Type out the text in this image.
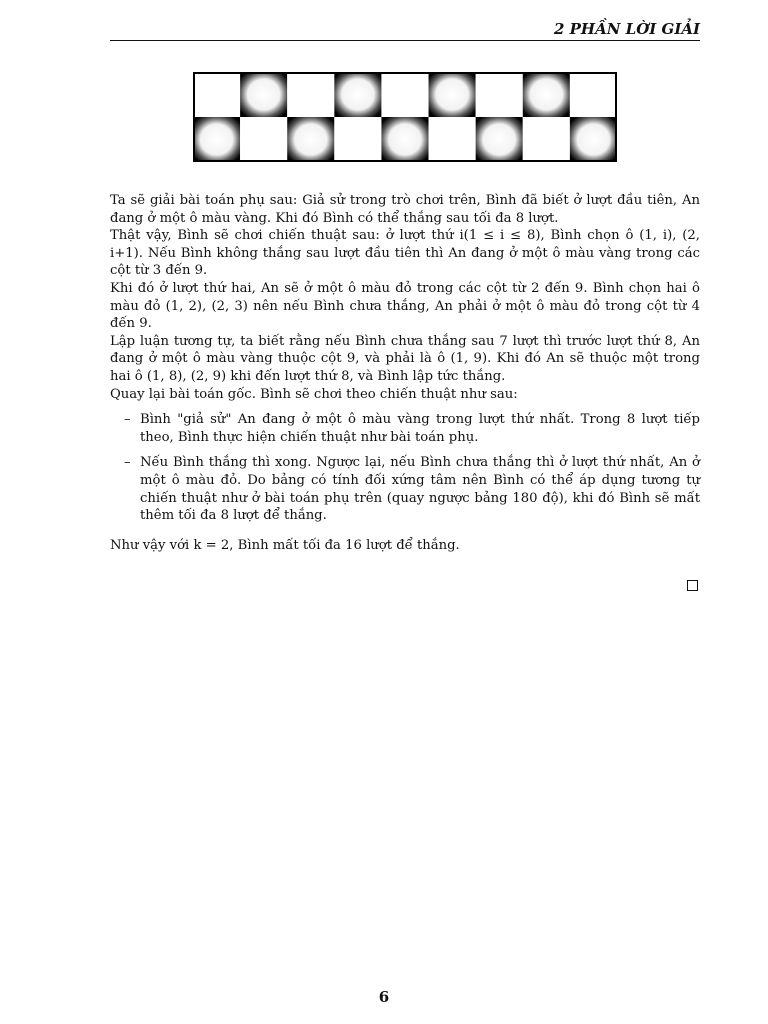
2 PHẦN LỜI GIẢI

Ta sẽ giải bài toán phụ sau: Giả sử trong trò chơi trên, Bình đã biết ở lượt đầu tiên, An đang ở một ô màu vàng. Khi đó Bình có thể thắng sau tối đa 8 lượt.

Thật vậy, Bình sẽ chơi chiến thuật sau: ở lượt thứ i(1 ≤ i ≤ 8), Bình chọn ô (1, i), (2, i+1). Nếu Bình không thắng sau lượt đầu tiên thì An đang ở một ô màu vàng trong các cột từ 3 đến 9.

Khi đó ở lượt thứ hai, An sẽ ở một ô màu đỏ trong các cột từ 2 đến 9. Bình chọn hai ô màu đỏ (1, 2), (2, 3) nên nếu Bình chưa thắng, An phải ở một ô màu đỏ trong cột từ 4 đến 9.

Lập luận tương tự, ta biết rằng nếu Bình chưa thắng sau 7 lượt thì trước lượt thứ 8, An đang ở một ô màu vàng thuộc cột 9, và phải là ô (1, 9). Khi đó An sẽ thuộc một trong hai ô (1, 8), (2, 9) khi đến lượt thứ 8, và Bình lập tức thắng.

Quay lại bài toán gốc. Bình sẽ chơi theo chiến thuật như sau:

– Bình "giả sử" An đang ở một ô màu vàng trong lượt thứ nhất. Trong 8 lượt tiếp theo, Bình thực hiện chiến thuật như bài toán phụ.
– Nếu Bình thắng thì xong. Ngược lại, nếu Bình chưa thắng thì ở lượt thứ nhất, An ở một ô màu đỏ. Do bảng có tính đối xứng tâm nên Bình có thể áp dụng tương tự chiến thuật như ở bài toán phụ trên (quay ngược bảng 180 độ), khi đó Bình sẽ mất thêm tối đa 8 lượt để thắng.

Như vậy với k = 2, Bình mất tối đa 16 lượt để thắng.

6
